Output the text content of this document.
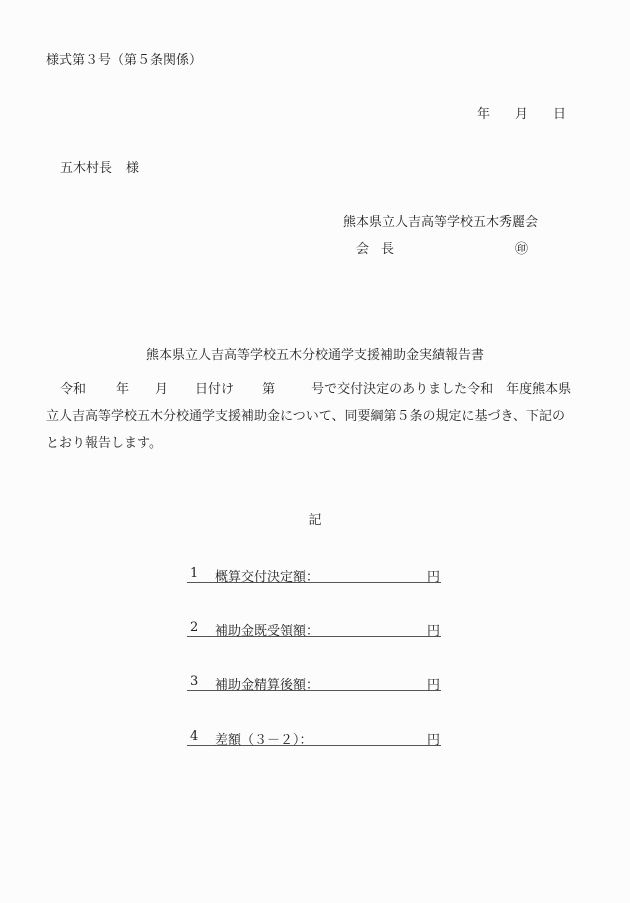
様式第３号（第５条関係）
年 月 日
五木村長 様
熊本県立人吉高等学校五木秀麗会
会 長	㊞
熊本県立人吉高等学校五木分校通学支援補助金実績報告書
令和 年 月 日付け 第	号で交付決定のありました令和　年度熊本県
立人吉高等学校五木分校通学支援補助金について、同要綱第５条の規定に基づき、下記の
とおり報告します。
記
1 概算交付決定額：	円
2 補助金既受領額：	円
3 補助金精算後額：	円
4 差額（３－２）：	円
